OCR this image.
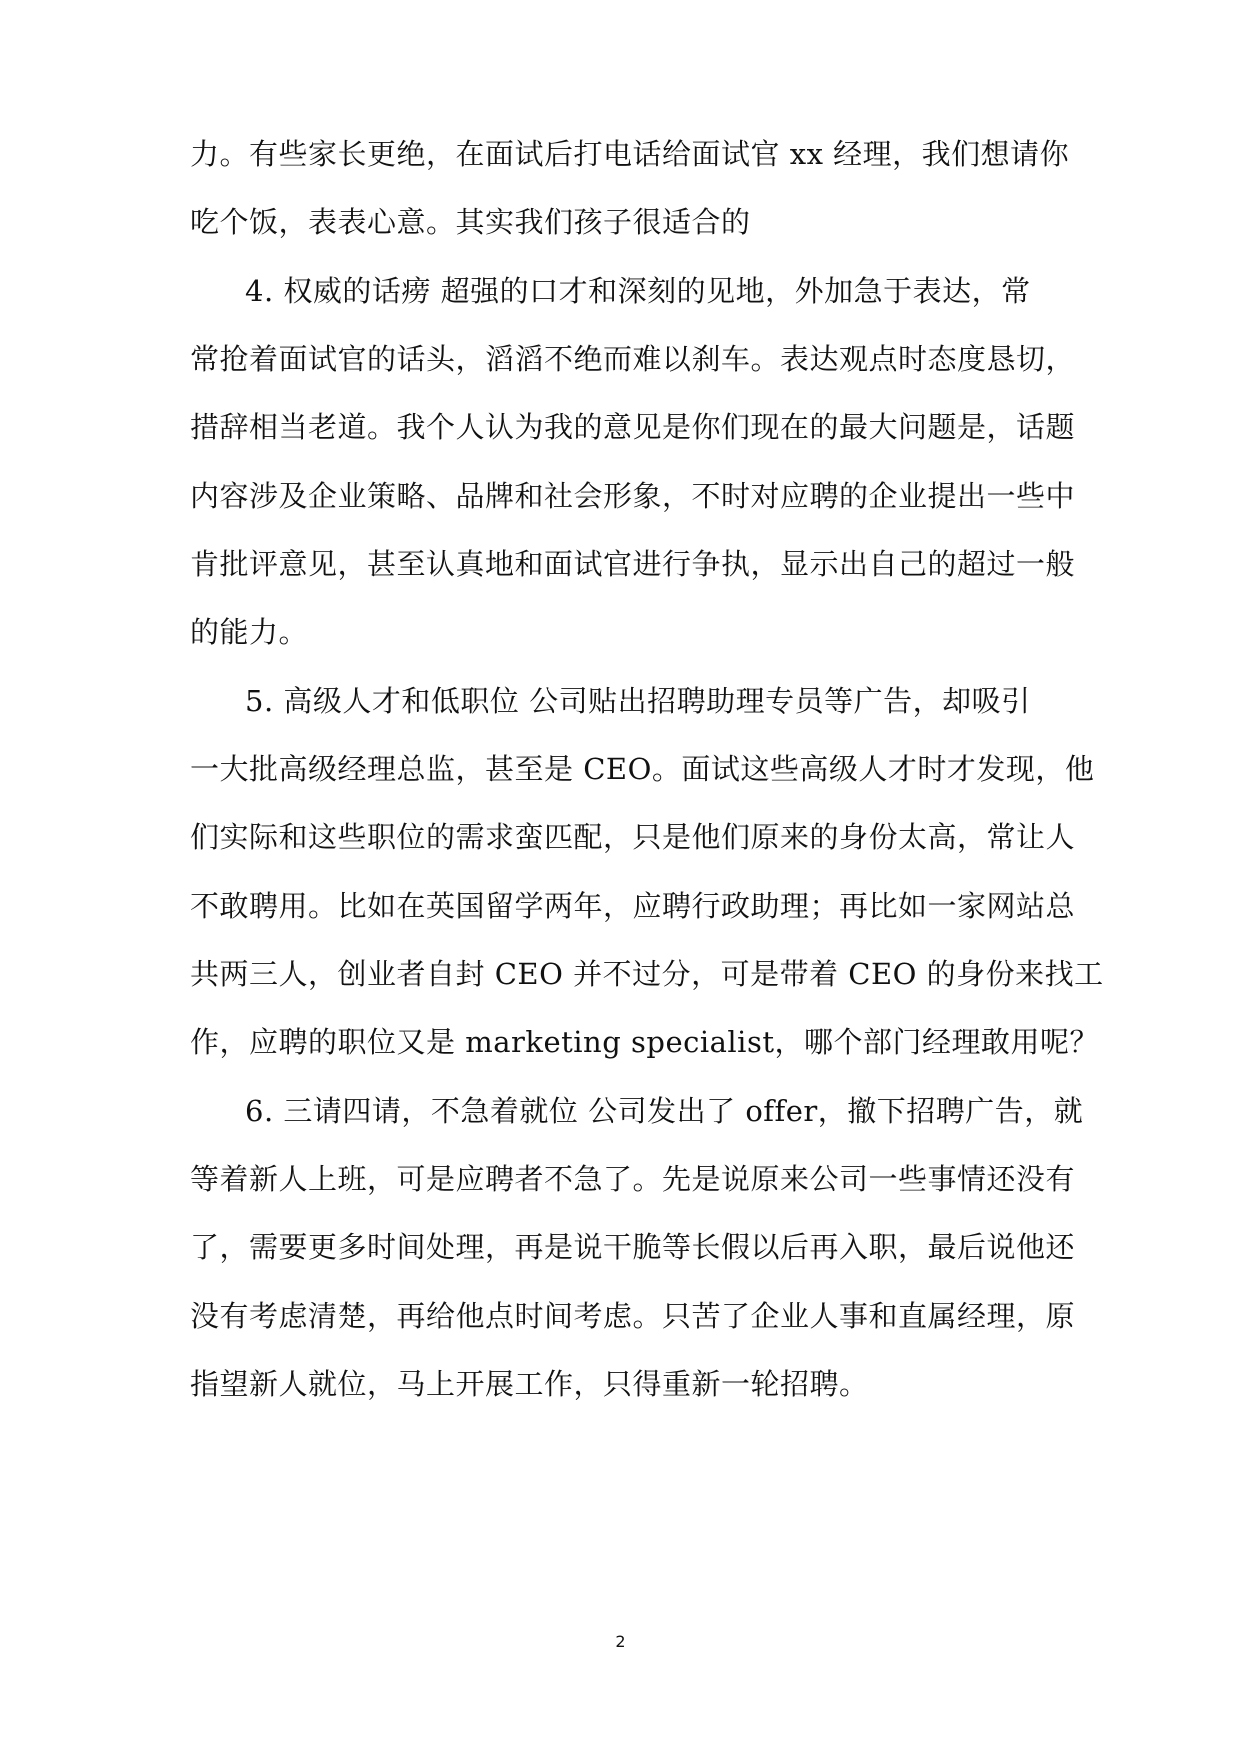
力。有些家长更绝，在面试后打电话给面试官 xx 经理，我们想请你
吃个饭，表表心意。其实我们孩子很适合的
4. 权威的话痨 超强的口才和深刻的见地，外加急于表达，常
常抢着面试官的话头，滔滔不绝而难以刹车。表达观点时态度恳切，
措辞相当老道。我个人认为我的意见是你们现在的最大问题是，话题
内容涉及企业策略、品牌和社会形象，不时对应聘的企业提出一些中
肯批评意见，甚至认真地和面试官进行争执，显示出自己的超过一般
的能力。
5. 高级人才和低职位 公司贴出招聘助理专员等广告，却吸引
一大批高级经理总监，甚至是 CEO。面试这些高级人才时才发现，他
们实际和这些职位的需求蛮匹配，只是他们原来的身份太高，常让人
不敢聘用。比如在英国留学两年，应聘行政助理；再比如一家网站总
共两三人，创业者自封 CEO 并不过分，可是带着 CEO 的身份来找工
作，应聘的职位又是 marketing specialist，哪个部门经理敢用呢？
6. 三请四请，不急着就位 公司发出了 offer，撤下招聘广告，就
等着新人上班，可是应聘者不急了。先是说原来公司一些事情还没有
了，需要更多时间处理，再是说干脆等长假以后再入职，最后说他还
没有考虑清楚，再给他点时间考虑。只苦了企业人事和直属经理，原
指望新人就位，马上开展工作，只得重新一轮招聘。
2
